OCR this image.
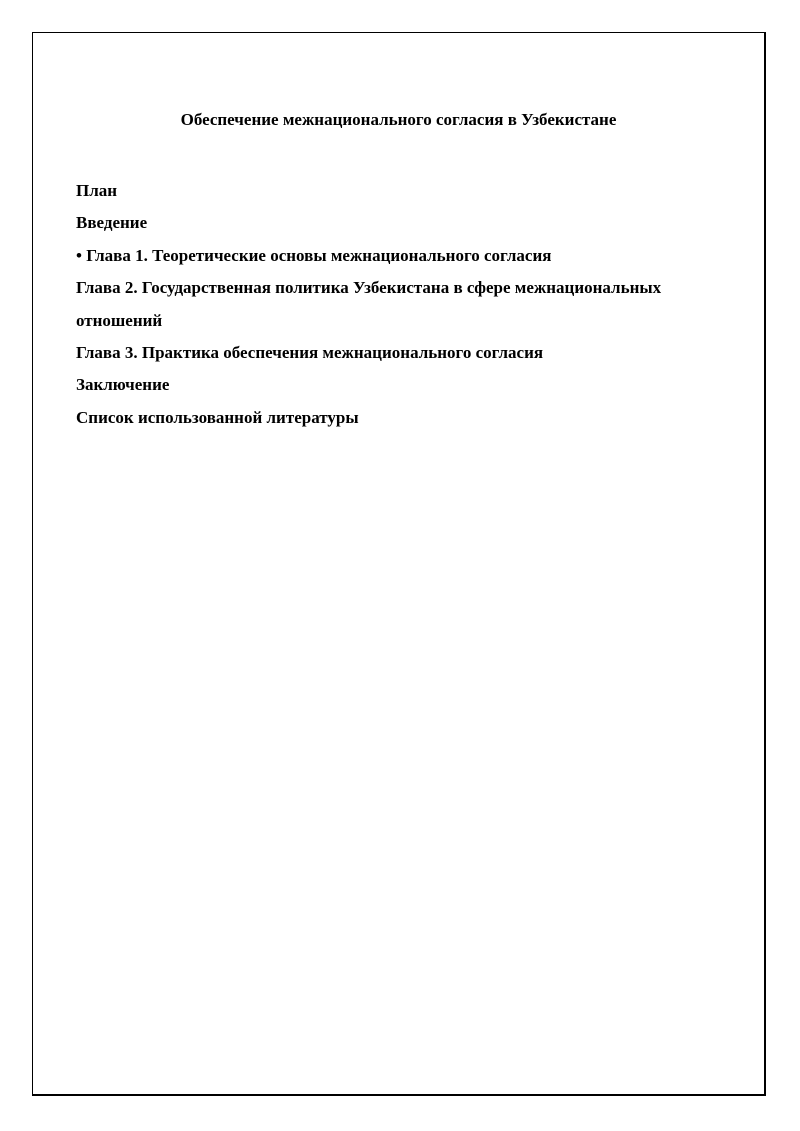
Обеспечение межнационального согласия в Узбекистане

План

Введение

• Глава 1. Теоретические основы межнационального согласия

Глава 2. Государственная политика Узбекистана в сфере межнациональных

отношений

Глава 3. Практика обеспечения межнационального согласия

Заключение

Список использованной литературы
